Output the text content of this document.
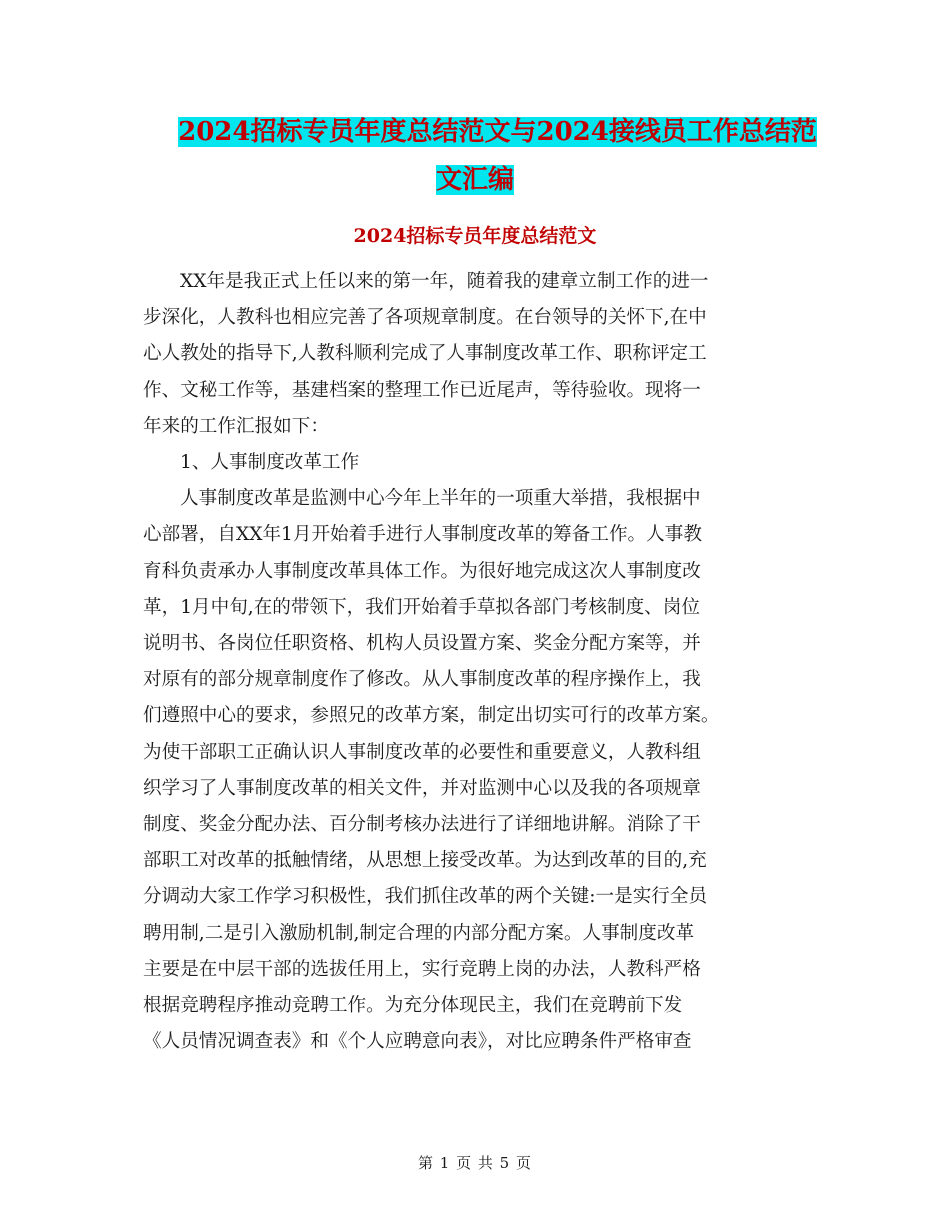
2024招标专员年度总结范文与2024接线员工作总结范
文汇编
2024招标专员年度总结范文
XX年是我正式上任以来的第一年，随着我的建章立制工作的进一
步深化，人教科也相应完善了各项规章制度。在台领导的关怀下,在中
心人教处的指导下,人教科顺利完成了人事制度改革工作、职称评定工
作、文秘工作等，基建档案的整理工作已近尾声，等待验收。现将一
年来的工作汇报如下：
1、人事制度改革工作
人事制度改革是监测中心今年上半年的一项重大举措，我根据中
心部署，自XX年1月开始着手进行人事制度改革的筹备工作。人事教
育科负责承办人事制度改革具体工作。为很好地完成这次人事制度改
革，1月中旬,在的带领下，我们开始着手草拟各部门考核制度、岗位
说明书、各岗位任职资格、机构人员设置方案、奖金分配方案等，并
对原有的部分规章制度作了修改。从人事制度改革的程序操作上，我
们遵照中心的要求，参照兄的改革方案，制定出切实可行的改革方案。
为使干部职工正确认识人事制度改革的必要性和重要意义，人教科组
织学习了人事制度改革的相关文件，并对监测中心以及我的各项规章
制度、奖金分配办法、百分制考核办法进行了详细地讲解。消除了干
部职工对改革的抵触情绪，从思想上接受改革。为达到改革的目的,充
分调动大家工作学习积极性，我们抓住改革的两个关键:一是实行全员
聘用制,二是引入激励机制,制定合理的内部分配方案。人事制度改革
主要是在中层干部的选拔任用上，实行竞聘上岗的办法，人教科严格
根据竞聘程序推动竞聘工作。为充分体现民主，我们在竞聘前下发
《人员情况调查表》和《个人应聘意向表》，对比应聘条件严格审查
第 1 页 共 5 页
